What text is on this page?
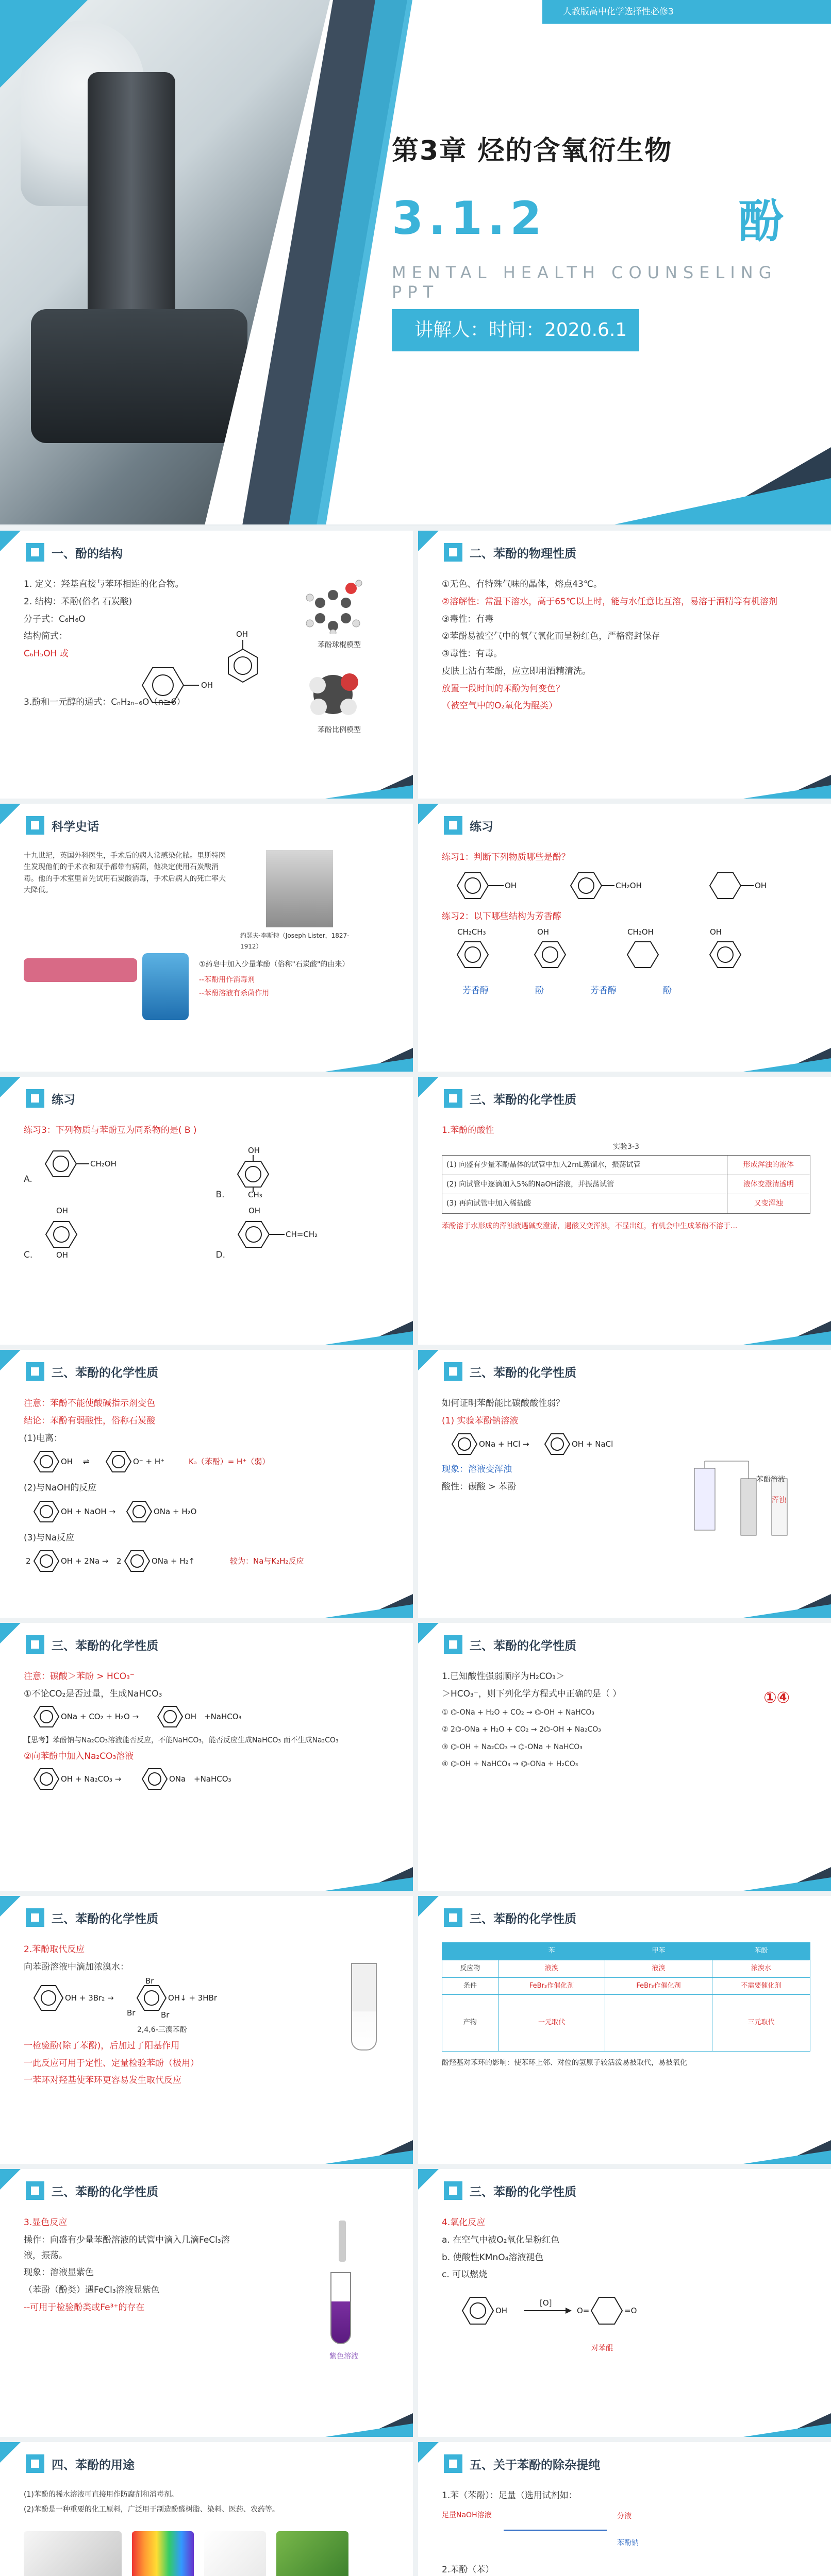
人教版高中化学选择性必修3
第3章 烃的含氧衍生物
3.1.2	酚
MENTAL HEALTH COUNSELING PPT
讲解人：时间：2020.6.1
一、酚的结构

1. 定义：羟基直接与苯环相连的化合物。

2. 结构：苯酚(俗名 石炭酸)

分子式：C₆H₆O

结构简式：

C₆H₅OH 或

3.酚和一元醇的通式：CₙH₂ₙ₋₆O（n≥6）

OH
OH
苯酚球棍模型
苯酚比例模型
二、苯酚的物理性质

①无色、有特殊气味的晶体，熔点43℃。

②溶解性：常温下溶水，高于65℃以上时，能与水任意比互溶，易溶于酒精等有机溶剂

③毒性：有毒

②苯酚易被空气中的氧气氧化而呈粉红色，严格密封保存

③毒性：有毒。

皮肤上沾有苯酚，应立即用酒精清洗。

放置一段时间的苯酚为何变色？

（被空气中的O₂氧化为醌类）

科学史话

十九世纪，英国外科医生，手术后的病人常感染化脓。里斯特医生发现他们的手术衣和双手都带有病菌，他决定使用石炭酸消毒。他的手术室里首先试用石炭酸消毒，手术后病人的死亡率大大降低。

约瑟夫·李斯特（Joseph Lister，1827-1912）
①药皂中加入少量苯酚（俗称"石炭酸"的由来）
--苯酚用作消毒剂
--苯酚溶液有杀菌作用
练习

练习1：判断下列物质哪些是酚？

OH	CH₂OH	OH

练习2：以下哪些结构为芳香醇

CH₂CH₃	OH	CH₂OH	OH
芳香醇	酚	芳香醇	酚
练习

练习3：下列物质与苯酚互为同系物的是( B )

A.
CH₂OH
B.
OH
CH₃
C.
OH
OH	D.
OH
CH=CH₂
三、苯酚的化学性质

1.苯酚的酸性

实验3-3

(1) 向盛有少量苯酚晶体的试管中加入2mL蒸馏水，振荡试管	形成浑浊的液体
(2) 向试管中逐滴加入5%的NaOH溶液，并振荡试管	液体变澄清透明
(3) 再向试管中加入稀盐酸	又变浑浊

苯酚溶于水形成的浑浊液遇碱变澄清，遇酸又变浑浊，不显出红，有机会中生成苯酚不溶于...

三、苯酚的化学性质

注意：苯酚不能使酸碱指示剂变色

结论：苯酚有弱酸性，俗称石炭酸

(1)电离：

OH ⇌	O⁻ + H⁺	Kₐ（苯酚）= H⁺（弱）

(2)与NaOH的反应

OH + NaOH →	ONa + H₂O

(3)与Na反应

2	OH + 2Na → 2	ONa + H₂↑	较为：Na与K₂H₂反应
三、苯酚的化学性质

如何证明苯酚能比碳酸酸性弱？

(1) 实验苯酚钠溶液

ONa + HCl →	OH + NaCl

现象：溶液变浑浊

酸性：碳酸 > 苯酚

苯酚溶液
浑浊
三、苯酚的化学性质

注意：碳酸＞苯酚 > HCO₃⁻

①不论CO₂是否过量，生成NaHCO₃

ONa + CO₂ + H₂O →	OH +NaHCO₃

【思考】苯酚钠与Na₂CO₃溶液能否反应，不能NaHCO₃，能否反应生成NaHCO₃ 而不生成Na₂CO₃

②向苯酚中加入Na₂CO₃溶液

OH + Na₂CO₃ →	ONa +NaHCO₃
三、苯酚的化学性质

1.已知酸性强弱顺序为H₂CO₃＞

＞HCO₃⁻，则下列化学方程式中正确的是（ ）

① ⌬-ONa + H₂O + CO₂ → ⌬-OH + NaHCO₃
② 2⌬-ONa + H₂O + CO₂ → 2⌬-OH + Na₂CO₃
③ ⌬-OH + Na₂CO₃ → ⌬-ONa + NaHCO₃
④ ⌬-OH + NaHCO₃ → ⌬-ONa + H₂CO₃

①④

三、苯酚的化学性质

2.苯酚取代反应

向苯酚溶液中滴加浓溴水：

OH + 3Br₂ →	OH↓ + 3HBr
Br
Br	Br

2,4,6-三溴苯酚

一检验酚(除了苯酚)，后加过了阳基作用

一此反应可用于定性、定量检验苯酚（极用）

一苯环对羟基使苯环更容易发生取代反应

三、苯酚的化学性质
	苯	甲苯	苯酚
反应物	液溴	液溴	浓溴水
条件	FeBr₃作催化剂	FeBr₃作催化剂	不需要催化剂
产物	一元取代		三元取代

酚羟基对苯环的影响：使苯环上邻、对位的氢原子较活泼易被取代，易被氧化

三、苯酚的化学性质

3.显色反应

操作：向盛有少量苯酚溶液的试管中滴入几滴FeCl₃溶液，振荡。

现象：溶液显紫色

（苯酚（酚类）遇FeCl₃溶液显紫色

--可用于检验酚类或Fe³⁺的存在

紫色溶液
三、苯酚的化学性质

4.氧化反应

a. 在空气中被O₂氧化呈粉红色

b. 使酸性KMnO₄溶液褪色

c. 可以燃烧

OH
[O]
O=	=O

对苯醌

四、苯酚的用途

(1)苯酚的稀水溶液可直接用作防腐剂和消毒剂。

(2)苯酚是一种重要的化工原料，广泛用于制造酚醛树脂、染料、医药、农药等。

五、关于苯酚的除杂提纯

1.苯（苯酚）：足量（选用试剂如：

足量NaOH溶液	分液
苯酚钠

2.苯酚（苯）
